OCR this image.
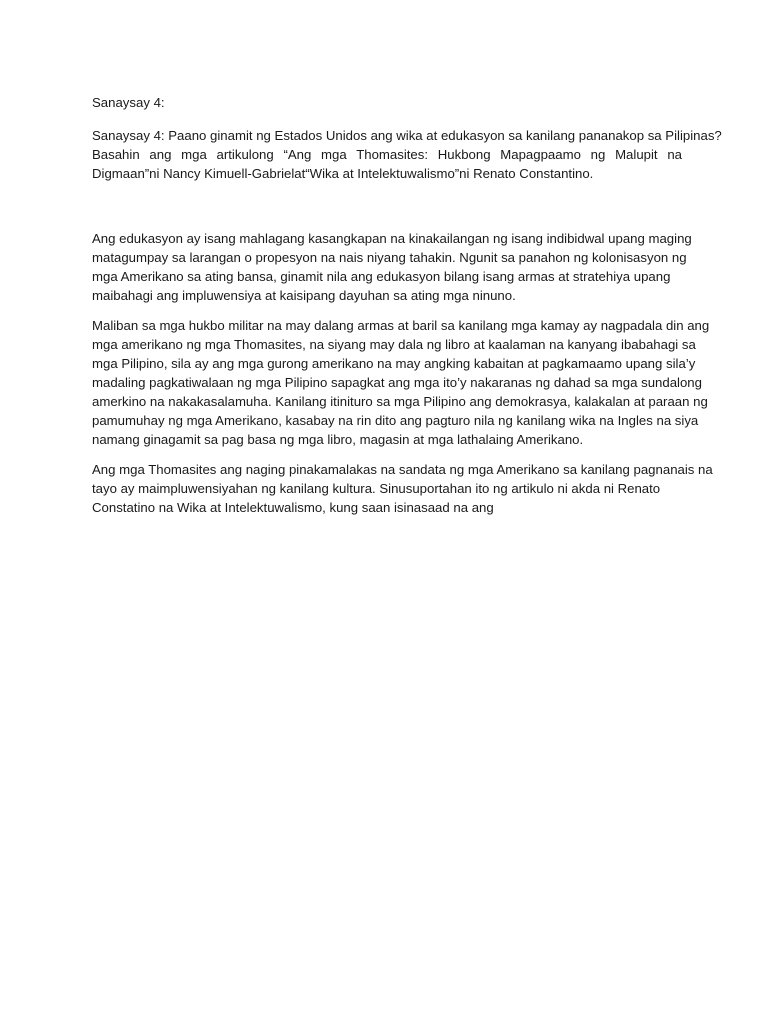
Sanaysay 4:

Sanaysay 4: Paano ginamit ng Estados Unidos ang wika at edukasyon sa kanilang pananakop sa Pilipinas?
Basahin ang mga artikulong “Ang mga Thomasites: Hukbong Mapagpaamo ng Malupit na
Digmaan”ni Nancy Kimuell-Gabrielat“Wika at Intelektuwalismo”ni Renato Constantino.

Ang edukasyon ay isang mahlagang kasangkapan na kinakailangan ng isang indibidwal upang maging
matagumpay sa larangan o propesyon na nais niyang tahakin. Ngunit sa panahon ng kolonisasyon ng
mga Amerikano sa ating bansa, ginamit nila ang edukasyon bilang isang armas at stratehiya upang
maibahagi ang impluwensiya at kaisipang dayuhan sa ating mga ninuno.

Maliban sa mga hukbo militar na may dalang armas at baril sa kanilang mga kamay ay nagpadala din ang
mga amerikano ng mga Thomasites, na siyang may dala ng libro at kaalaman na kanyang ibabahagi sa
mga Pilipino, sila ay ang mga gurong amerikano na may angking kabaitan at pagkamaamo upang sila’y
madaling pagkatiwalaan ng mga Pilipino sapagkat ang mga ito’y nakaranas ng dahad sa mga sundalong
amerkino na nakakasalamuha. Kanilang itinituro sa mga Pilipino ang demokrasya, kalakalan at paraan ng
pamumuhay ng mga Amerikano, kasabay na rin dito ang pagturo nila ng kanilang wika na Ingles na siya
namang ginagamit sa pag basa ng mga libro, magasin at mga lathalaing Amerikano.

Ang mga Thomasites ang naging pinakamalakas na sandata ng mga Amerikano sa kanilang pagnanais na
tayo ay maimpluwensiyahan ng kanilang kultura. Sinusuportahan ito ng artikulo ni akda ni Renato
Constatino na Wika at Intelektuwalismo, kung saan isinasaad na ang
